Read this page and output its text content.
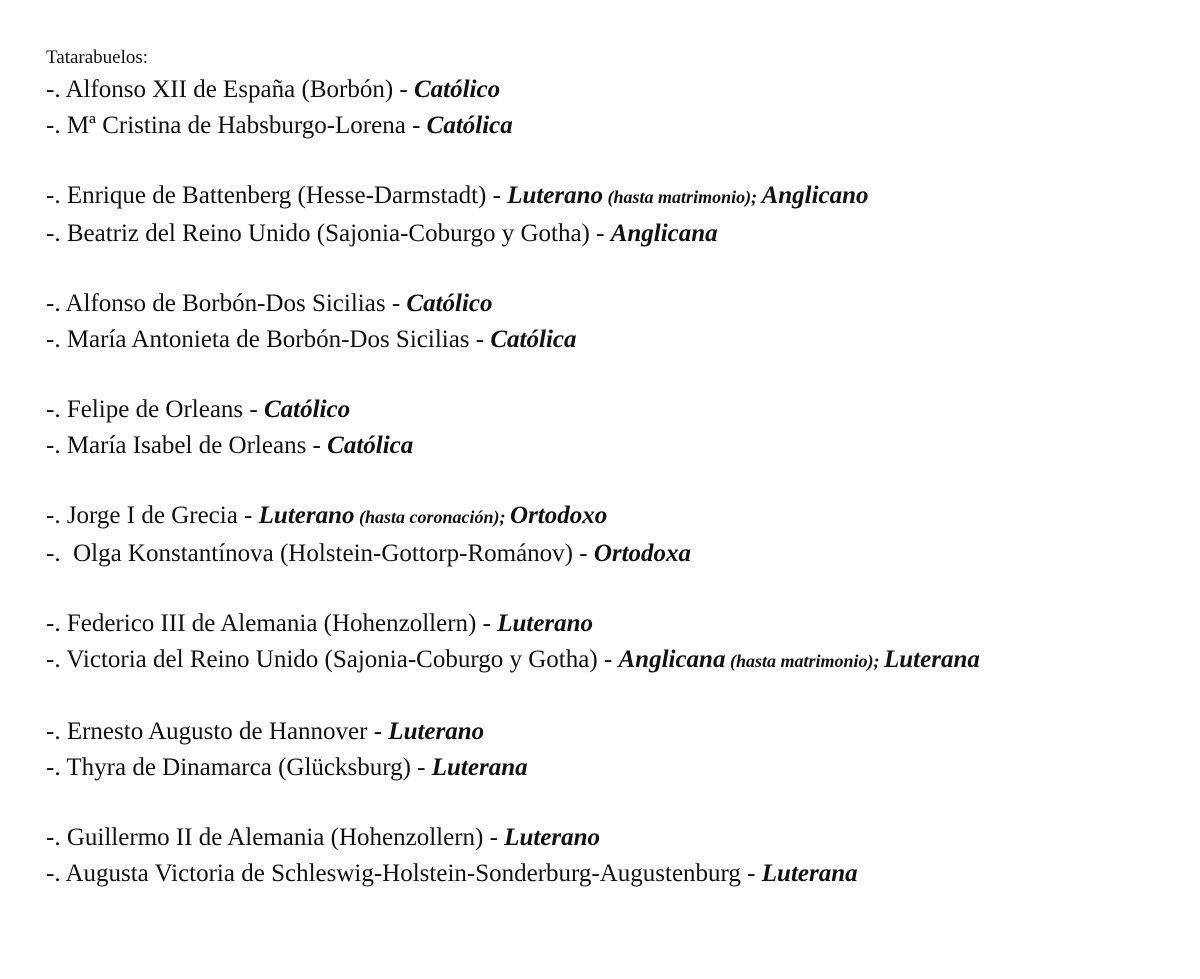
Tatarabuelos:

-. Alfonso XII de España (Borbón) - Católico

-. Mª Cristina de Habsburgo-Lorena - Católica

-. Enrique de Battenberg (Hesse-Darmstadt) - Luterano (hasta matrimonio); Anglicano

-. Beatriz del Reino Unido (Sajonia-Coburgo y Gotha) - Anglicana

-. Alfonso de Borbón-Dos Sicilias - Católico

-. María Antonieta de Borbón-Dos Sicilias - Católica

-. Felipe de Orleans - Católico

-. María Isabel de Orleans - Católica

-. Jorge I de Grecia - Luterano (hasta coronación); Ortodoxo

-.  Olga Konstantínova (Holstein-Gottorp-Románov) - Ortodoxa

-. Federico III de Alemania (Hohenzollern) - Luterano

-. Victoria del Reino Unido (Sajonia-Coburgo y Gotha) - Anglicana (hasta matrimonio); Luterana

-. Ernesto Augusto de Hannover - Luterano

-. Thyra de Dinamarca (Glücksburg) - Luterana

-. Guillermo II de Alemania (Hohenzollern) - Luterano

-. Augusta Victoria de Schleswig-Holstein-Sonderburg-Augustenburg - Luterana
